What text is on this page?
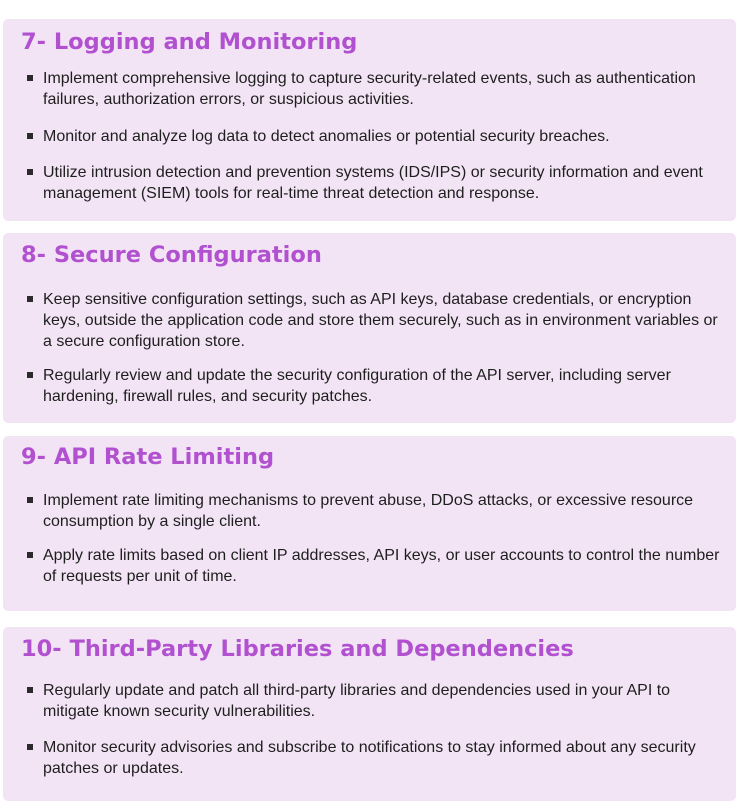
7- Logging and Monitoring
Implement comprehensive logging to capture security-related events, such as authentication failures, authorization errors, or suspicious activities.
Monitor and analyze log data to detect anomalies or potential security breaches.
Utilize intrusion detection and prevention systems (IDS/IPS) or security information and event management (SIEM) tools for real-time threat detection and response.
8- Secure Configuration
Keep sensitive configuration settings, such as API keys, database credentials, or encryption keys, outside the application code and store them securely, such as in environment variables or a secure configuration store.
Regularly review and update the security configuration of the API server, including server hardening, firewall rules, and security patches.
9- API Rate Limiting
Implement rate limiting mechanisms to prevent abuse, DDoS attacks, or excessive resource consumption by a single client.
Apply rate limits based on client IP addresses, API keys, or user accounts to control the number of requests per unit of time.
10- Third-Party Libraries and Dependencies
Regularly update and patch all third-party libraries and dependencies used in your API to mitigate known security vulnerabilities.
Monitor security advisories and subscribe to notifications to stay informed about any security patches or updates.
